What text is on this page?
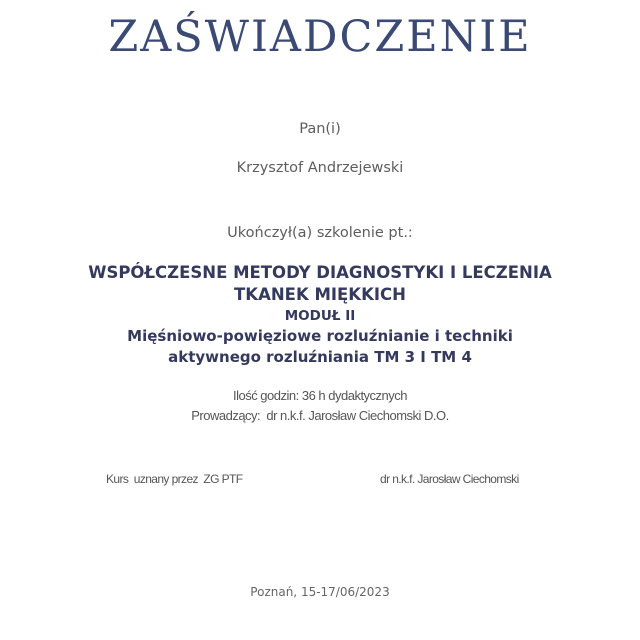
ZAŚWIADCZENIE
Pan(i)
Krzysztof Andrzejewski
Ukończył(a) szkolenie pt.:
WSPÓŁCZESNE METODY DIAGNOSTYKI I LECZENIA
TKANEK MIĘKKICH
MODUŁ II
Mięśniowo-powięziowe rozluźnianie i techniki
aktywnego rozluźniania TM 3 I TM 4
Ilość godzin: 36 h dydaktycznych
Prowadzący:  dr n.k.f. Jarosław Ciechomski D.O.
Kurs  uznany przez  ZG PTF	dr n.k.f. Jarosław Ciechomski
Poznań, 15-17/06/2023
